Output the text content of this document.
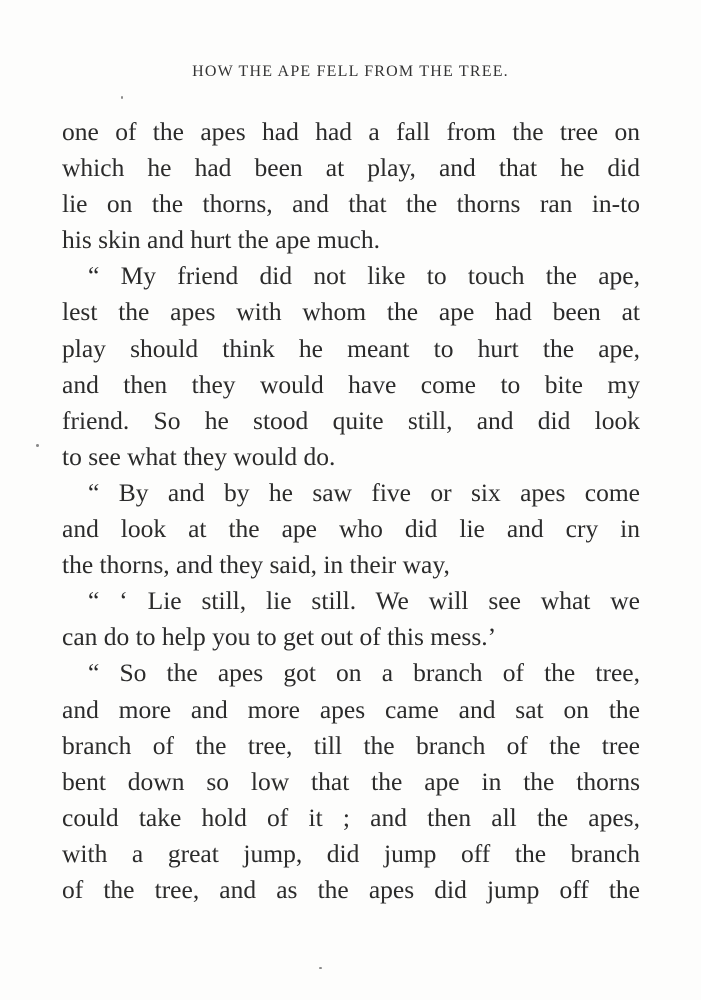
HOW THE APE FELL FROM THE TREE.
one of the apes had had a fall from the tree on
which he had been at play, and that he did
lie on the thorns, and that the thorns ran in-to
his skin and hurt the ape much.
“ My friend did not like to touch the ape,
lest the apes with whom the ape had been at
play should think he meant to hurt the ape,
and then they would have come to bite my
friend. So he stood quite still, and did look
to see what they would do.
“ By and by he saw five or six apes come
and look at the ape who did lie and cry in
the thorns, and they said, in their way,
“ ‘ Lie still, lie still. We will see what we
can do to help you to get out of this mess.’
“ So the apes got on a branch of the tree,
and more and more apes came and sat on the
branch of the tree, till the branch of the tree
bent down so low that the ape in the thorns
could take hold of it ; and then all the apes,
with a great jump, did jump off the branch
of the tree, and as the apes did jump off the
